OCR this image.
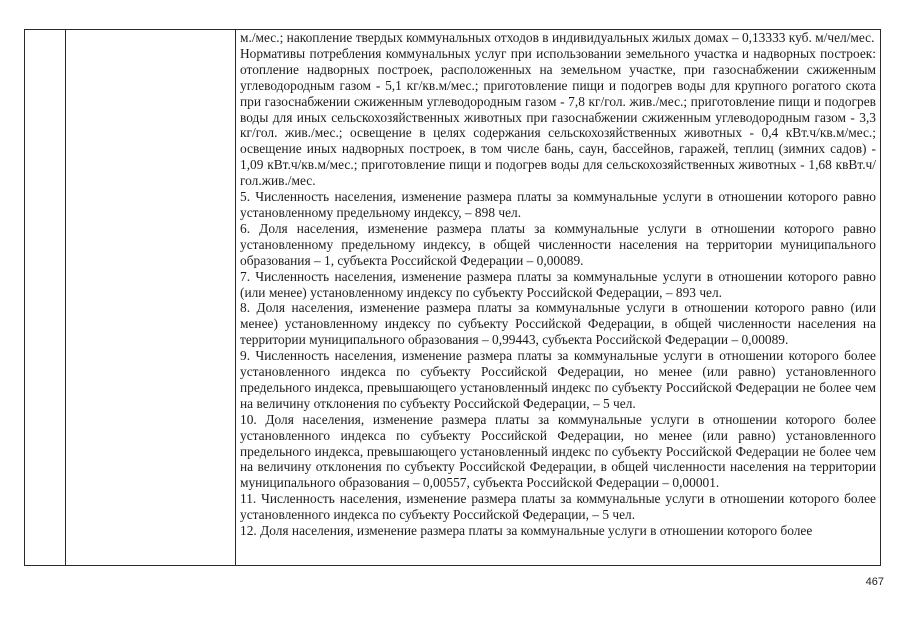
м./мес.; накопление твердых коммунальных отходов в индивидуальных жилых домах – 0,13333 куб. м/чел/мес.

Нормативы потребления коммунальных услуг при использовании земельного участка и надворных построек: отопление надворных построек, расположенных на земельном участке, при газоснабжении сжиженным углеводородным газом - 5,1 кг/кв.м/мес.; приготовление пищи и подогрев воды для крупного рогатого скота при газоснабжении сжиженным углеводородным газом - 7,8 кг/гол. жив./мес.; приготовление пищи и подогрев воды для иных сельскохозяйственных животных при газоснабжении сжиженным углеводородным газом - 3,3 кг/гол. жив./мес.; освещение в целях содержания сельскохозяйственных животных - 0,4 кВт.ч/кв.м/мес.; освещение иных надворных построек, в том числе бань, саун, бассейнов, гаражей, теплиц (зимних садов) - 1,09 кВт.ч/кв.м/мес.; приготовление пищи и подогрев воды для сельскохозяйственных животных - 1,68 квВт.ч/гол.жив./мес.

5. Численность населения, изменение размера платы за коммунальные услуги в отношении которого равно установленному предельному индексу, – 898 чел.

6. Доля населения, изменение размера платы за коммунальные услуги в отношении которого равно установленному предельному индексу, в общей численности населения на территории муниципального образования – 1, субъекта Российской Федерации – 0,00089.

7. Численность населения, изменение размера платы за коммунальные услуги в отношении которого равно (или менее) установленному индексу по субъекту Российской Федерации, – 893 чел.

8. Доля населения, изменение размера платы за коммунальные услуги в отношении которого равно (или менее) установленному индексу по субъекту Российской Федерации, в общей численности населения на территории муниципального образования – 0,99443, субъекта Российской Федерации – 0,00089.

9. Численность населения, изменение размера платы за коммунальные услуги в отношении которого более установленного индекса по субъекту Российской Федерации, но менее (или равно) установленного предельного индекса, превышающего установленный индекс по субъекту Российской Федерации не более чем на величину отклонения по субъекту Российской Федерации, – 5 чел.

10. Доля населения, изменение размера платы за коммунальные услуги в отношении которого более установленного индекса по субъекту Российской Федерации, но менее (или равно) установленного предельного индекса, превышающего установленный индекс по субъекту Российской Федерации не более чем на величину отклонения по субъекту Российской Федерации, в общей численности населения на территории муниципального образования – 0,00557, субъекта Российской Федерации – 0,00001.

11. Численность населения, изменение размера платы за коммунальные услуги в отношении которого более установленного индекса по субъекту Российской Федерации, – 5 чел.

12. Доля населения, изменение размера платы за коммунальные услуги в отношении которого более

467
